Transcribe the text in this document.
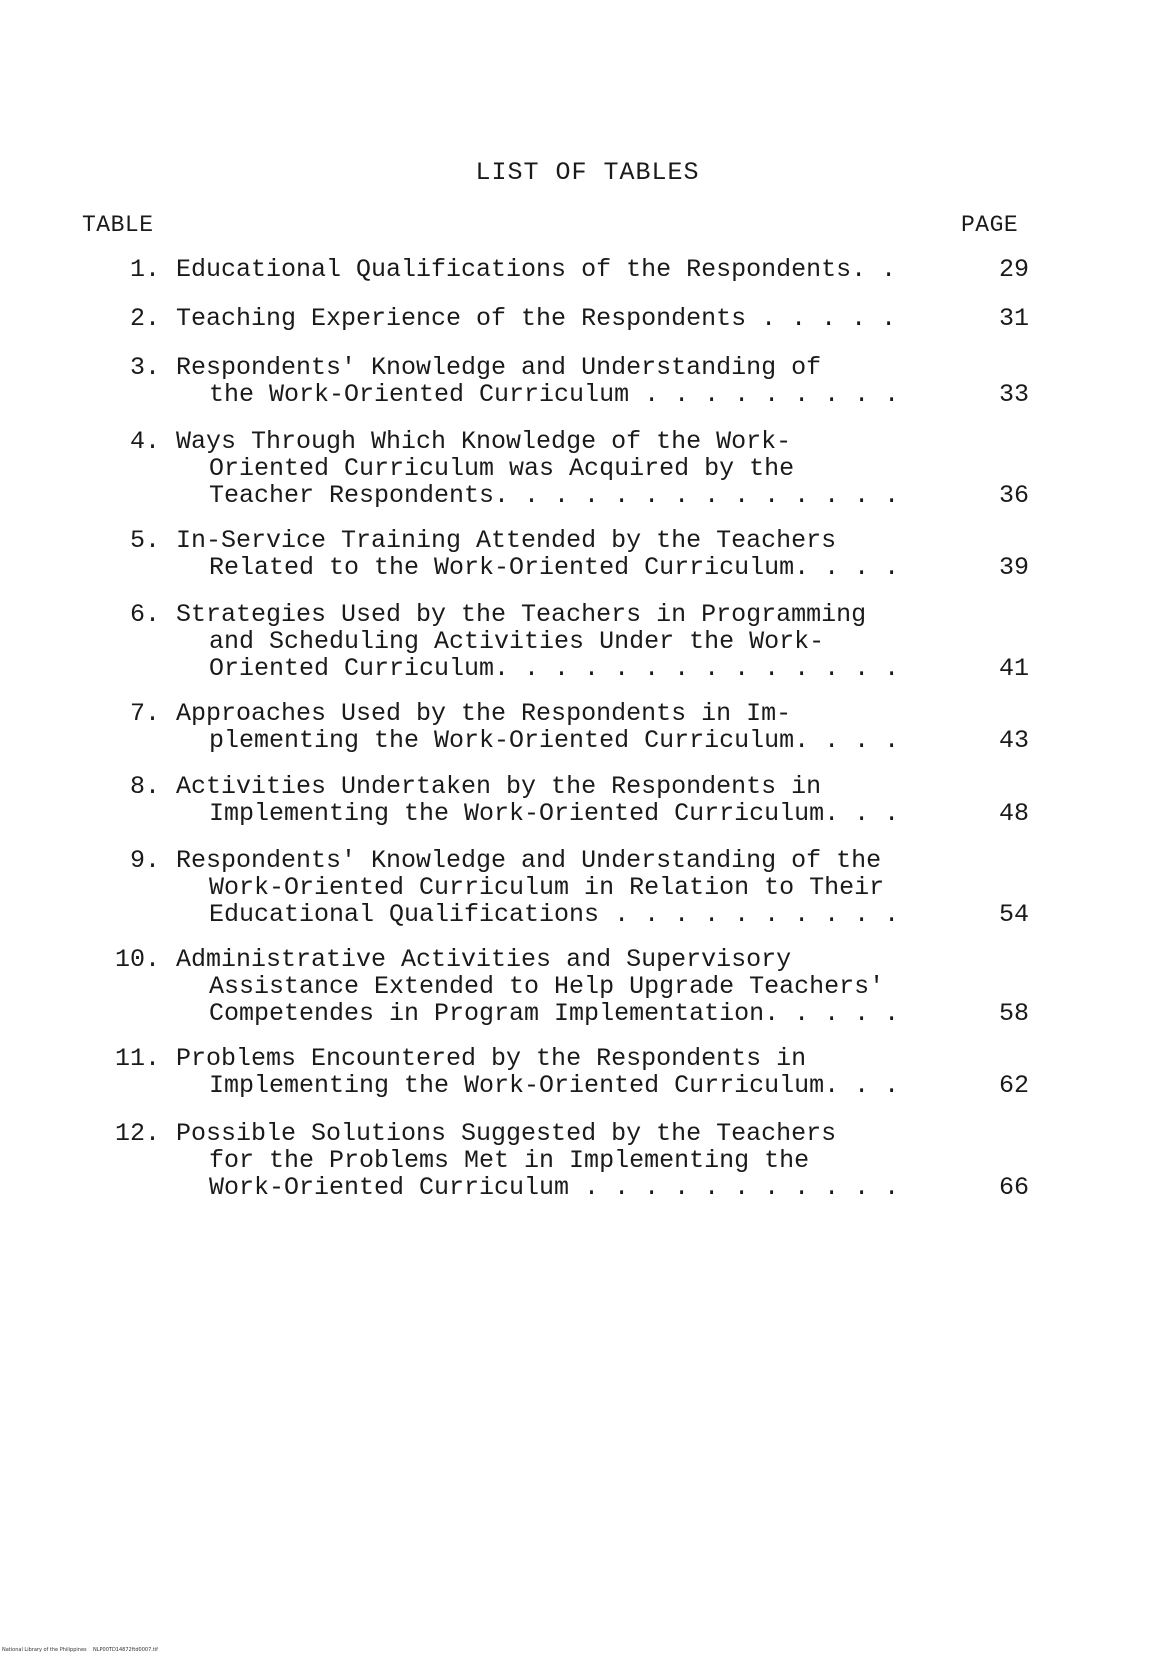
LIST OF TABLES
TABLE	PAGE
1. Educational Qualifications of the Respondents. .	29
2. Teaching Experience of the Respondents . . . . .	31
3. Respondents' Knowledge and Understanding of
the Work-Oriented Curriculum . . . . . . . . .	33
4. Ways Through Which Knowledge of the Work-
Oriented Curriculum was Acquired by the
Teacher Respondents. . . . . . . . . . . . . .	36
5. In-Service Training Attended by the Teachers
Related to the Work-Oriented Curriculum. . . .	39
6. Strategies Used by the Teachers in Programming
and Scheduling Activities Under the Work-
Oriented Curriculum. . . . . . . . . . . . . .	41
7. Approaches Used by the Respondents in Im-
plementing the Work-Oriented Curriculum. . . .	43
8. Activities Undertaken by the Respondents in
Implementing the Work-Oriented Curriculum. . .	48
9. Respondents' Knowledge and Understanding of the
Work-Oriented Curriculum in Relation to Their
Educational Qualifications . . . . . . . . . .	54
10. Administrative Activities and Supervisory
Assistance Extended to Help Upgrade Teachers'
Competendes in Program Implementation. . . . .	58
11. Problems Encountered by the Respondents in
Implementing the Work-Oriented Curriculum. . .	62
12. Possible Solutions Suggested by the Teachers
for the Problems Met in Implementing the
Work-Oriented Curriculum . . . . . . . . . . .	66
National Library of the Philippines NLP00TD14872ftd0007.tif
